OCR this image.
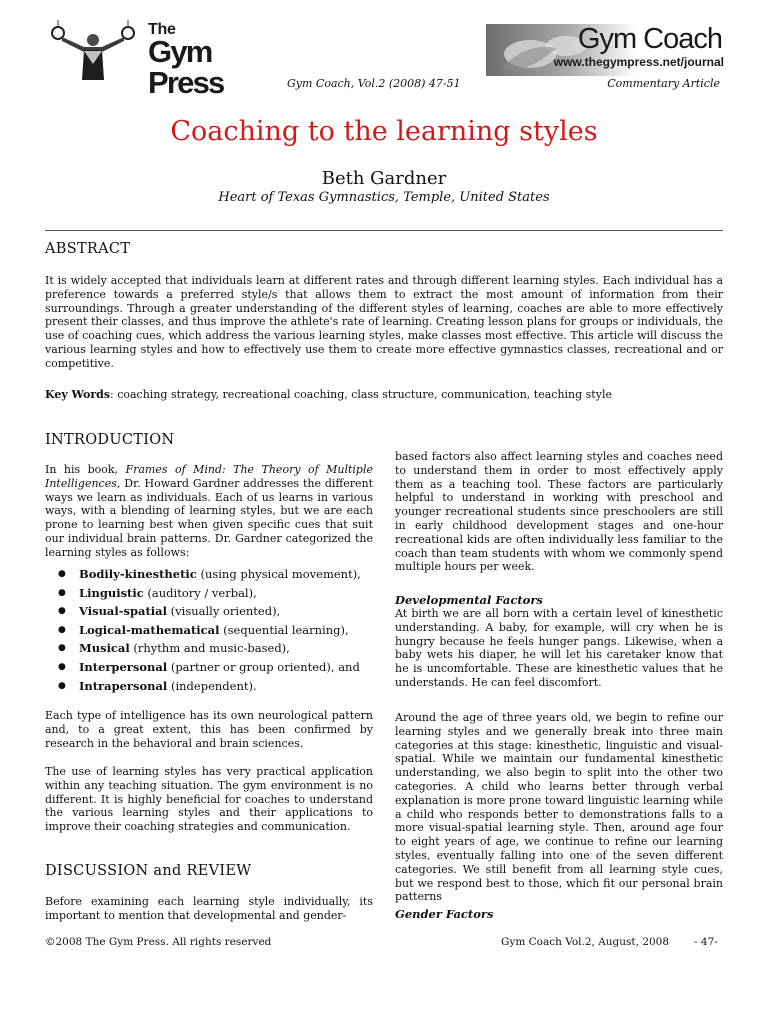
The
Gym Press
Gym Coach
www.thegympress.net/journal
Gym Coach, Vol.2 (2008) 47-51	Commentary Article
Coaching to the learning styles
Beth Gardner
Heart of Texas Gymnastics, Temple, United States
ABSTRACT
It is widely accepted that individuals learn at different rates and through different learning styles. Each individual has a preference towards a preferred style/s that allows them to extract the most amount of information from their surroundings. Through a greater understanding of the different styles of learning, coaches are able to more effectively present their classes, and thus improve the athlete's rate of learning. Creating lesson plans for groups or individuals, the use of coaching cues, which address the various learning styles, make classes most effective. This article will discuss the various learning styles and how to effectively use them to create more effective gymnastics classes, recreational and or competitive.
Key Words: coaching strategy, recreational coaching, class structure, communication, teaching style
INTRODUCTION
In his book, Frames of Mind: The Theory of Multiple Intelligences, Dr. Howard Gardner addresses the different ways we learn as individuals. Each of us learns in various ways, with a blending of learning styles, but we are each prone to learning best when given specific cues that suit our individual brain patterns. Dr. Gardner categorized the learning styles as follows:
● Bodily-kinesthetic (using physical movement),
● Linguistic (auditory / verbal),
● Visual-spatial (visually oriented),
● Logical-mathematical (sequential learning),
● Musical (rhythm and music-based),
● Interpersonal (partner or group oriented), and
● Intrapersonal (independent).
Each type of intelligence has its own neurological pattern and, to a great extent, this has been confirmed by research in the behavioral and brain sciences.
The use of learning styles has very practical application within any teaching situation. The gym environment is no different. It is highly beneficial for coaches to understand the various learning styles and their applications to improve their coaching strategies and communication.
DISCUSSION and REVIEW
Before examining each learning style individually, its important to mention that developmental and gender-
based factors also affect learning styles and coaches need to understand them in order to most effectively apply them as a teaching tool. These factors are particularly helpful to understand in working with preschool and younger recreational students since preschoolers are still in early childhood development stages and one-hour recreational kids are often individually less familiar to the coach than team students with whom we commonly spend multiple hours per week.
Developmental Factors
At birth we are all born with a certain level of kinesthetic understanding. A baby, for example, will cry when he is hungry because he feels hunger pangs. Likewise, when a baby wets his diaper, he will let his caretaker know that he is uncomfortable. These are kinesthetic values that he understands. He can feel discomfort.
Around the age of three years old, we begin to refine our learning styles and we generally break into three main categories at this stage: kinesthetic, linguistic and visual-spatial. While we maintain our fundamental kinesthetic understanding, we also begin to split into the other two categories. A child who learns better through verbal explanation is more prone toward linguistic learning while a child who responds better to demonstrations falls to a more visual-spatial learning style. Then, around age four to eight years of age, we continue to refine our learning styles, eventually falling into one of the seven different categories. We still benefit from all learning style cues, but we respond best to those, which fit our personal brain patterns
Gender Factors
©2008 The Gym Press. All rights reserved	Gym Coach Vol.2, August, 2008 - 47-
